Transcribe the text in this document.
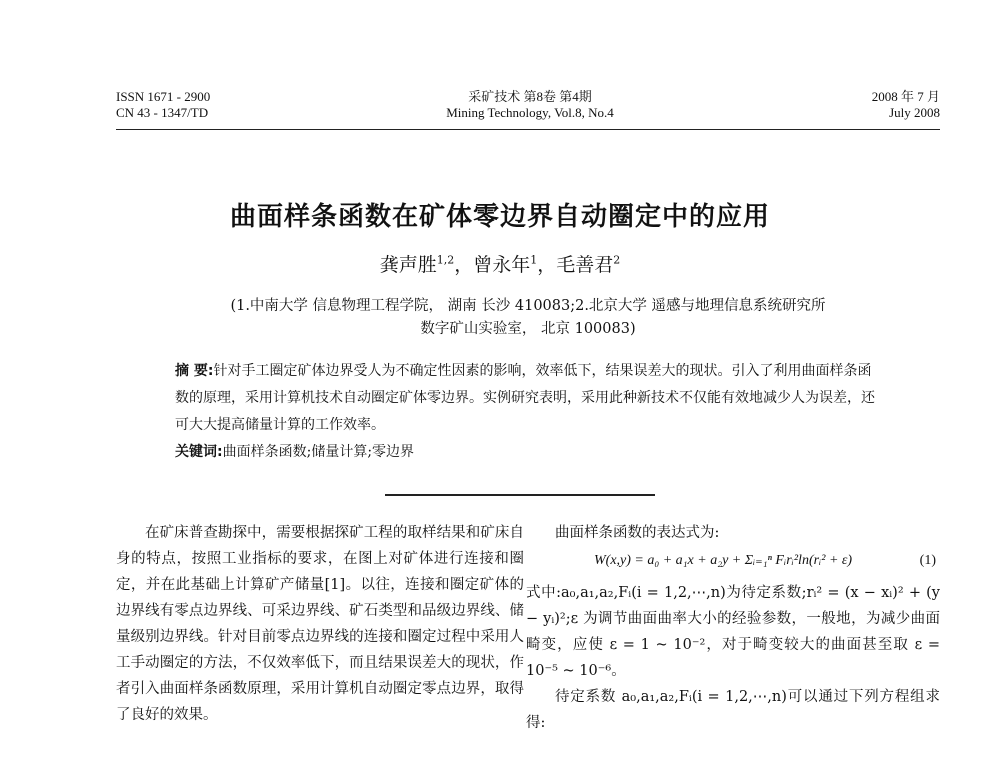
ISSN 1671 - 2900
CN 43 - 1347/TD
采矿技术 第8卷 第4期
Mining Technology, Vol.8, No.4
2008 年 7 月
July 2008
曲面样条函数在矿体零边界自动圈定中的应用
龚声胜$^{1,2}$，曾永年$^1$，毛善君$^2$
(1.中南大学 信息物理工程学院， 湖南 长沙 410083;2.北京大学 遥感与地理信息系统研究所
数字矿山实验室， 北京 100083)
摘 要:针对手工圈定矿体边界受人为不确定性因素的影响，效率低下，结果误差大的现状。引入了利用曲面样条函数的原理，采用计算机技术自动圈定矿体零边界。实例研究表明，采用此种新技术不仅能有效地减少人为误差，还可大大提高储量计算的工作效率。
关键词:曲面样条函数;储量计算;零边界

在矿床普查勘探中，需要根据探矿工程的取样结果和矿床自身的特点，按照工业指标的要求，在图上对矿体进行连接和圈定，并在此基础上计算矿产储量[1]。以往，连接和圈定矿体的边界线有零点边界线、可采边界线、矿石类型和品级边界线、储量级别边界线。针对目前零点边界线的连接和圈定过程中采用人工手动圈定的方法，不仅效率低下，而且结果误差大的现状，作者引入曲面样条函数原理，采用计算机自动圈定零点边界，取得了良好的效果。

曲面样条函数的表达式为:

W(x,y) = a₀ + a₁x + a₂y + Σᵢ₌₁ⁿ Fᵢrᵢ²ln(rᵢ² + ε)	(1)

式中:a₀,a₁,a₂,Fᵢ(i = 1,2,⋯,n)为待定系数;rᵢ² = (x − xᵢ)² + (y − yᵢ)²;ε 为调节曲面曲率大小的经验参数，一般地，为减少曲面畸变，应使 ε = 1 ~ 10⁻²，对于畸变较大的曲面甚至取 ε = 10⁻⁵ ~ 10⁻⁶。

待定系数 a₀,a₁,a₂,Fᵢ(i = 1,2,⋯,n)可以通过下列方程组求得:
